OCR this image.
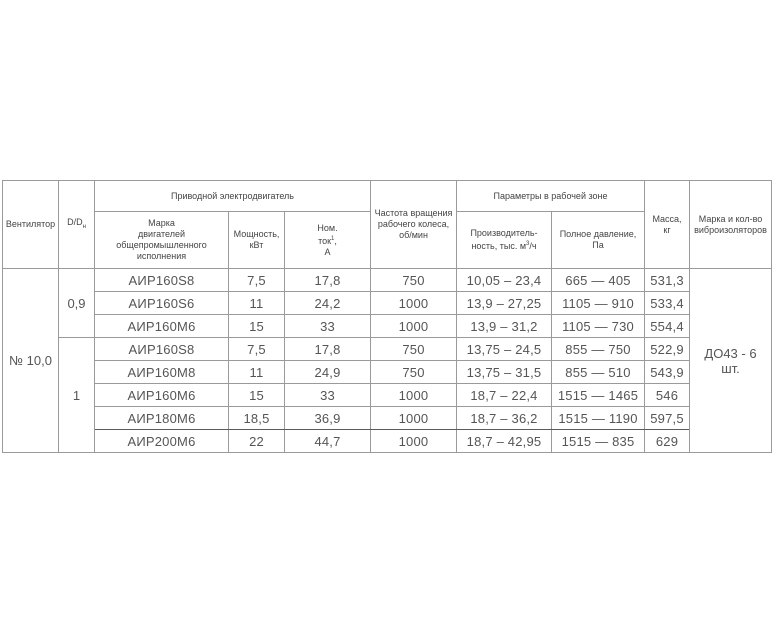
Вентилятор	$D/D_н$	Приводной электродвигатель			Частота вращения
рабочего колеса,
об/мин	Параметры в рабочей зоне		Масса,
кг	Марка и кол-во
виброизоляторов
		Марка
двигателей
общепромышленного
исполнения	Мощность,
кВт	Ном.
ток$^1$,
А		Производитель-
ность, тыс. $м^3/ч$	Полное давление,
Па		
№ 10,0	0,9	АИР160S8	7,5	17,8	750	10,05 – 23,4	665 — 405	531,3	ДО43 - 6
шт.
		АИР160S6	11	24,2	1000	13,9 – 27,25	1105 — 910	533,4	
		АИР160М6	15	33	1000	13,9 – 31,2	1105 — 730	554,4	
	1	АИР160S8	7,5	17,8	750	13,75 – 24,5	855 — 750	522,9	
		АИР160М8	11	24,9	750	13,75 – 31,5	855 — 510	543,9	
		АИР160М6	15	33	1000	18,7 – 22,4	1515 — 1465	546	
		АИР180М6	18,5	36,9	1000	18,7 – 36,2	1515 — 1190	597,5	
		АИР200М6	22	44,7	1000	18,7 – 42,95	1515 — 835	629	
